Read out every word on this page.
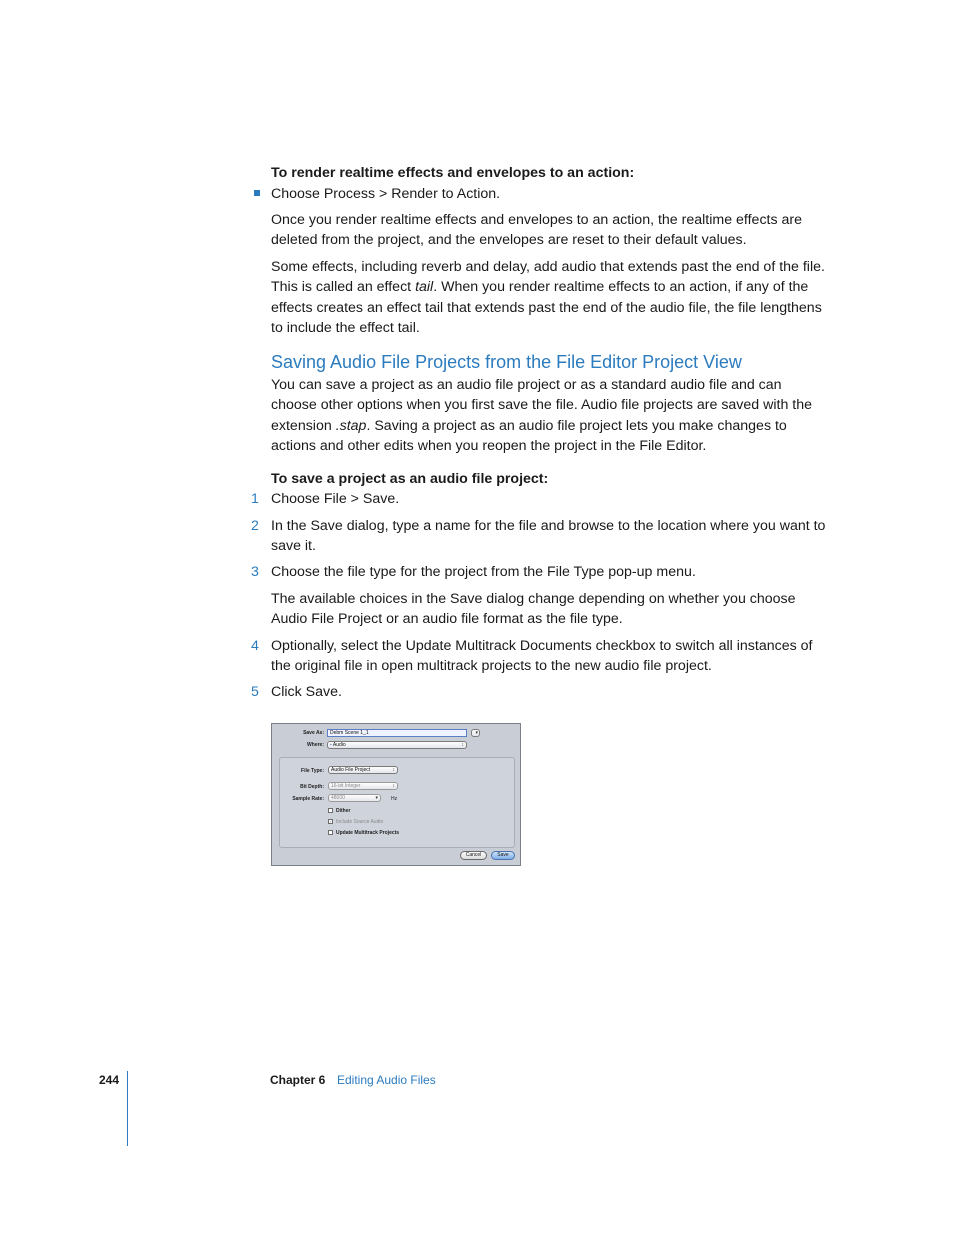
To render realtime effects and envelopes to an action:
Choose Process > Render to Action.
Once you render realtime effects and envelopes to an action, the realtime effects are deleted from the project, and the envelopes are reset to their default values.
Some effects, including reverb and delay, add audio that extends past the end of the file. This is called an effect tail. When you render realtime effects to an action, if any of the effects creates an effect tail that extends past the end of the audio file, the file lengthens to include the effect tail.
Saving Audio File Projects from the File Editor Project View
You can save a project as an audio file project or as a standard audio file and can choose other options when you first save the file. Audio file projects are saved with the extension .stap. Saving a project as an audio file project lets you make changes to actions and other edits when you reopen the project in the File Editor.
To save a project as an audio file project:
1 Choose File > Save.
2 In the Save dialog, type a name for the file and browse to the location where you want to save it.
3 Choose the file type for the project from the File Type pop-up menu.
The available choices in the Save dialog change depending on whether you choose Audio File Project or an audio file format as the file type.
4 Optionally, select the Update Multitrack Documents checkbox to switch all instances of the original file in open multitrack projects to the new audio file project.
5 Click Save.
Save As:	Debm Scene 1_1	▾
Where:	▪ Audio	↕
File Type:	Audio File Project	↕
Bit Depth:	16-bit Integer	↕
Sample Rate:	48000	▾	Hz
Dither
✓ Include Source Audio
Update Multitrack Projects
Cancel	Save
244	Chapter 6 Editing Audio Files
